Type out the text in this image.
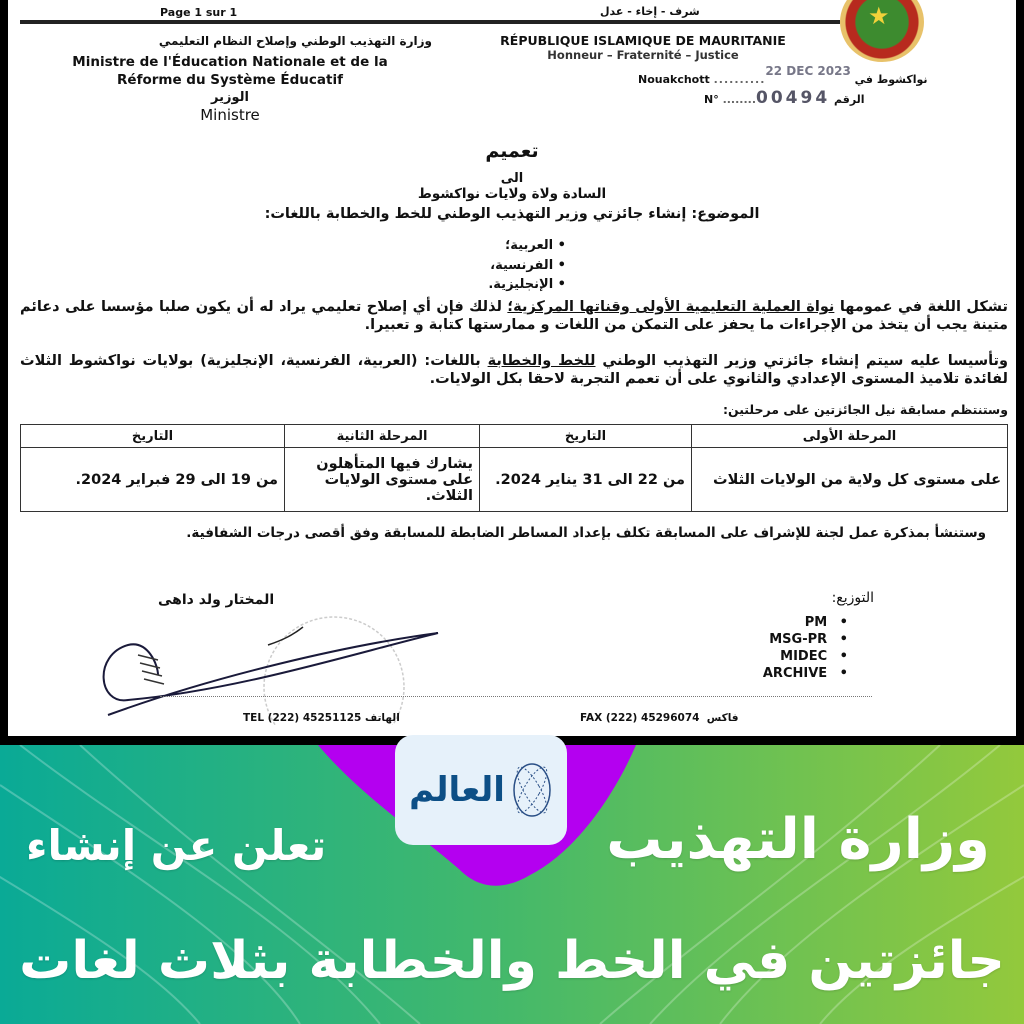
Page 1 sur 1	شرف - إخاء - عدل	★
وزارة التهذيب الوطني وإصلاح النظام التعليمي
Ministre de l'Éducation Nationale et de la
Réforme du Système Éducatif
الوزير
Ministre
RÉPUBLIQUE ISLAMIQUE DE MAURITANIE
Honneur – Fraternité – Justice
Nouakchott ..........22 DEC 2023 نواكشوط في
N° ........00494 الرقم
تعميم
الى
السادة ولاة ولايات نواكشوط
الموضوع: إنشاء جائزتي وزير التهذيب الوطني للخط والخطابة باللغات:
• العربية؛
• الفرنسية،
• الإنجليزية.
تشكل اللغة في عمومها نواة العملية التعليمية الأولى وقناتها المركزية؛ لذلك فإن أي إصلاح تعليمي يراد له أن يكون صلبا مؤسسا على دعائم متينة يجب أن يتخذ من الإجراءات ما يحفز على التمكن من اللغات و ممارستها كتابة و تعبيرا.
وتأسيسا عليه سيتم إنشاء جائزتي وزير التهذيب الوطني للخط والخطابة باللغات: (العربية، الفرنسية، الإنجليزية) بولايات نواكشوط الثلاث لفائدة تلاميذ المستوى الإعدادي والثانوي على أن تعمم التجربة لاحقا بكل الولايات.
وستنتظم مسابقة نيل الجائزتين على مرحلتين:
المرحلة الأولى	التاريخ	المرحلة الثانية	التاريخ
على مستوى كل ولاية من الولايات الثلاث	من 22 الى 31 يناير 2024.	يشارك فيها المتأهلون على مستوى الولايات الثلاث.	من 19 الى 29 فبراير 2024.
وستنشأ بمذكرة عمل لجنة للإشراف على المسابقة تكلف بإعداد المساطر الضابطة للمسابقة وفق أقصى درجات الشفافية.
التوزيع:
PM •
MSG-PR •
MIDEC •
ARCHIVE •
المختار ولد داهى
TEL (222) 45251125 الهاتف	FAX (222) 45296074 فاكس
وزارة التهذيب
تعلن عن إنشاء
جائزتين في الخط والخطابة بثلاث لغات
العالم
